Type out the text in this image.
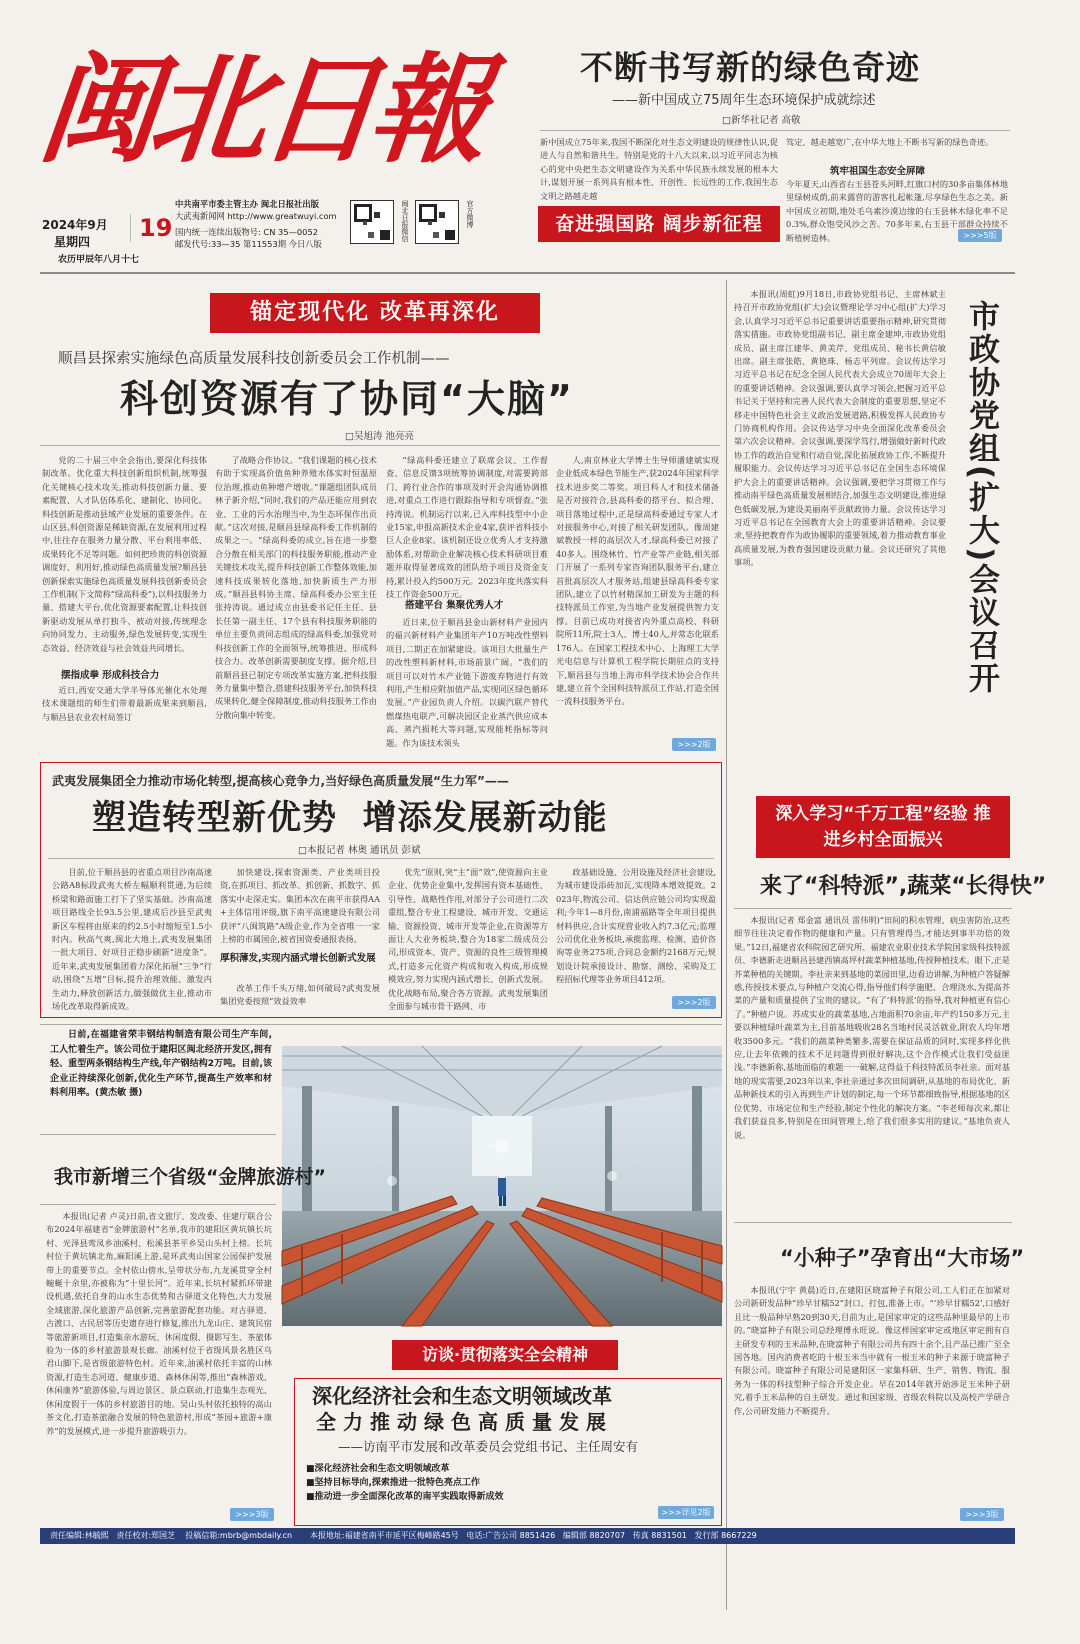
闽北日報
2024年9月
星期四	19
农历甲辰年八月十七
中共南平市委主管主办 闽北日报社出版
大武夷新闻网 http://www.greatwuyi.com
国内统一连续出版物号: CN 35—0052
邮发代号:33—35 第11553期 今日八版
闽北日报微信	官方微博
不断书写新的绿色奇迹
——新中国成立75周年生态环境保护成就综述
□新华社记者 高敬
新中国成立75年来,我国不断深化对生态文明建设的规律性认识,促进人与自然和谐共生。特别是党的十八大以来,以习近平同志为核心的党中央把生态文明建设作为关系中华民族永续发展的根本大计,谋划开展一系列具有根本性、开创性、长远性的工作,我国生态文明之路越走越
笃定、越走越宽广,在中华大地上不断书写新的绿色奇迹。
筑牢祖国生态安全屏障
今年夏天,山西省右玉县苍头河畔,红旗口村的30多亩集体林地里绿树成荫,前来露营的游客扎起帐篷,尽享绿色生态之美。新中国成立初期,地处毛乌素沙漠边缘的右玉县林木绿化率不足0.3%,群众饱受风沙之苦。70多年来,右玉县干部群众持续不断植树造林。
奋进强国路 阔步新征程
>>>5版
锚定现代化 改革再深化
顺昌县探索实施绿色高质量发展科技创新委员会工作机制——
科创资源有了协同“大脑”
□吴旭涛 池亮亮

党的二十届三中全会指出,要深化科技体制改革。优化重大科技创新组织机制,统筹强化关键核心技术攻关,推动科技创新力量、要素配置、人才队伍体系化、建制化、协同化。科技创新是推动县域产业发展的重要条件。在山区县,科创资源是稀缺资源,在发展利用过程中,往往存在服务力量分散、平台利用率低、成果转化不足等问题。如何把珍贵的科创资源调度好、利用好,推动绿色高质量发展?顺昌县创新探索实施绿色高质量发展科技创新委员会工作机制(下文简称“绿高科委”),以科技服务力量、搭建大平台,优化资源要素配置,让科技创新驱动发展从单打独斗、被动对接,传统理念向协同发力、主动服务,绿色发展转变,实现生态效益、经济效益与社会效益共同增长。

摆指成拳 形成科技合力

近日,西安交通大学半导体光催化水处理技术课题组的师生们带着最新成果来到顺昌,与顺昌县农业农村局签订

了战略合作协议。“我们课题的核心技术有助于实现高价值鱼种养殖水体实时恒温原位治理,推动鱼种增产增收。”课题组团队成员林子新介绍,“同时,我们的产品还能应用到农业、工业的污水治理当中,为生态环保作出贡献。”这次对接,是顺昌县绿高科委工作机制的成果之一。“绿高科委的成立,旨在进一步整合分散在相关部门的科技服务职能,推动产业关键技术攻关,提升科技创新工作整体效能,加速科技成果转化落地,加快新质生产力形成。”顺昌县科协主席、绿高科委办公室主任张持涛说。通过成立由县委书记任主任、县长任第一副主任、17个县有科技服务职能的单位主要负责同志组成的绿高科委,加强党对科技创新工作的全面领导,统筹推进、形成科技合力。改革创新需要制度支撑。据介绍,目前顺昌县已制定专项改革实施方案,把科技服务力量集中整合,搭建科技服务平台,加快科技成果转化,健全保障制度,推动科技服务工作由分散向集中转变。

“绿高科委还建立了联席会议、工作督查、信息反馈3项统筹协调制度,对需要跨部门、跨行业合作的事项及时开会沟通协调推进,对重点工作进行跟踪指导和专项督查。”张持涛说。机制运行以来,已入库科技型中小企业15家,申报高新技术企业4家,获评省科技小巨人企业8家。该机制还设立优秀人才支持激励体系,对帮助企业解决核心技术科研项目难题并取得显著成效的团队给予项目及资金支持,累计投入约500万元。2023年度共落实科技工作资金500万元。

搭建平台 集聚优秀人才

近日来,位于顺昌县金山新材料产业园内的福兴新材料产业集团年产10万吨改性塑料项目,二期正在加紧建设。该项目大批量生产的改性塑料新材料,市场前景广阔。“我们的项目可以对竹木产业链下游废弃物进行有效利用,产生相应附加值产品,实现同区绿色循环发展。”产业园负责人介绍。以碳汽联产替代燃煤热电联产,可解决园区企业蒸汽供应成本高、蒸汽损耗大等问题,实现能耗指标等问题。作为该技术领头

人,南京林业大学博士生导师潘建斌实现企业低成本绿色节能生产,获2024年国家科学技术进步奖二等奖。项目科人才和技术储备是否对接符合,县高科委的搭平台、拟合理、项目落地过程中,正是绿高科委通过专家人才对接服务中心,对接了相关研发团队。像周建斌教授一样的高层次人才,绿高科委已对接了40多人。围绕林竹、竹产业等产业链,相关部门开展了一系列专家咨询团队服务平台,建立首批高层次人才服务站,组建县绿高科委专家团队,建立了以竹材精深加工研发为主题的科技特派员工作室,为当地产业发展提供智力支撑。目前已成功对接省内外重点高校、科研院所11所,院士3人、博士40人,并常态化联系176人。在国家工程技术中心、上海理工大学光电信息与计算机工程学院长期驻点的支持下,顺昌县与当地上海市科学技术协会合作共建,建立首个全国科技特派员工作站,打造全国一流科技服务平台。

>>>2版

本报讯(周虹)9月18日,市政协党组书记、主席林斌主持召开市政协党组(扩大)会议暨理论学习中心组(扩大)学习会,认真学习习近平总书记重要讲话重要指示精神,研究贯彻落实措施。市政协党组副书记、副主席金建坤,市政协党组成员、副主席江建华、黄美芹、党组成员、秘书长黄信敏出席。副主席张皓、黄艳珠、杨志平列席。会议传达学习习近平总书记在纪念全国人民代表大会成立70周年大会上的重要讲话精神。会议强调,要认真学习领会,把握习近平总书记关于坚持和完善人民代表大会制度的重要思想,坚定不移走中国特色社会主义政治发展道路,积极发挥人民政协专门协商机构作用。会议传达学习中央全面深化改革委员会第六次会议精神。会议强调,要深学笃行,增强做好新时代政协工作的政治自觉和行动自觉,深化拓展政协工作,不断提升履职能力。会议传达学习习近平总书记在全国生态环境保护大会上的重要讲话精神。会议强调,要把学习贯彻工作与推动南平绿色高质量发展相结合,加强生态文明建设,推进绿色低碳发展,为建设美丽南平贡献政协力量。会议传达学习习近平总书记在全国教育大会上的重要讲话精神。会议要求,坚持把教育作为政协履职的重要领域,着力推动教育事业高质量发展,为教育强国建设贡献力量。会议还研究了其他事项。	市政协党组(扩大)会议召开
武夷发展集团全力推动市场化转型,提高核心竞争力,当好绿色高质量发展“生力军”——
塑造转型新优势  增添发展新动能
□本报记者 林奥 通讯员 彭斌

目前,位于顺昌县的省重点项目沙南高速公路A8标段武夷大桥左幅顺利贯通,为后续桥梁和路面施工打下了坚实基础。沙南高速项目路线全长93.5公里,建成后沙县至武夷新区车程将由原来的约2.5小时缩短至1.5小时内。秋高气爽,闽北大地上,武夷发展集团一批大项目、好项目正稳步刷新“进度条”。近年来,武夷发展集团着力深化拓展“三争”行动,围绕“五增”目标,提升治理效能、激发内生动力,释放创新活力,做强做优主业,推动市场化改革取得新成效。

加快建设,探索资源类、产业类项目投资,在抓项目、抓改革、抓创新、抓数字、抓落实中走深走实。集团本次在南平市获得AA+主体信用评级,旗下南平高速建设有限公司获评“八闽筑路”A级企业,作为全省唯一一家上榜的市属国企,被省国资委通报表扬。

厚积薄发,实现内涵式增长创新式发展

改革工作千头万绪,如何破局?武夷发展集团党委按照“效益效率

优先”原则,突“主”面“效”,使资源向主业企业、优势企业集中,发挥国有资本基础性、引导性、战略性作用,对部分子公司进行二次重组,整合专业工程建设、城市开发、交通运输、资源投资、城市开发等企业,在资源等方面让人大业务板块,整合为18家二级成员公司,形成资本、资产、资源的良性三级管理模式,打造多元化资产构成和收入构成,形成规模效应,努力实现内涵式增长、创新式发展。优化战略布局,聚合各方资源。武夷发展集团全面参与城市骨干路网、市

政基础设施、公用设施及经济社会建设,为城市建设添砖加瓦,实现降本增效提效。2023年,物流公司、信达供应链公司均实现盈利;今年1—8月份,南浦福路等全年项目提供材料供应,合计实现营业收入约7.3亿元;监理公司优化业务板块,承揽监理、检测、造价咨询等业务275项,合同总金额约2168万元;规划设计院承接设计、勘察、测绘、采购及工程招标代理等业务项目412项。

>>>2版
深入学习“千万工程”经验 推进乡村全面振兴
来了“科特派”,蔬菜“长得快”

本报讯(记者 郑金富 通讯员 雷伟明)“田间的积水管理、病虫害防治,这些细节往往决定着作物的健康和产量。只有管理得当,才能达到事半功倍的效果。”12日,福建省农科院园艺研究所、福建农业职业技术学院国家级科技特派员、李德新走进顺昌县建西镇高坪村蔬菜种植基地,传授种植技术。眼下,正是芥菜种植的关键期。李社亲来到基地的菜园田里,边看边讲解,为种植户答疑解惑,传授技术要点,与种植户交流心得,指导他们科学施肥、合理浇水,为提高芥菜的产量和质量提供了宝贵的建议。“有了‘科特派’的指导,我对种植更有信心了。”种植户说。苏成实业的蔬菜基地,占地面积70余亩,年产约150多万元,主要以种植绿叶蔬菜为主,目前基地吸收28名当地村民灵活就业,附农人均年增收3500多元。“我们的蔬菜种类繁多,需要在保证品质的同时,实现多样化供应,让去年依赖的技术不足问题得到很好解决,这个合作模式让我们受益匪浅。”李德新称,基地面临的难题一一破解,这得益于科技特派员李社亲。面对基地的现实需要,2023年以来,李社亲通过多次田间调研,从基地的布局优化、新品种新技术的引入再到生产计划的制定,每一个环节都细致指导,根据基地的区位优势、市场定位和生产经验,制定个性化的解决方案。“李老师每次来,都让我们获益良多,特别是在田间管理上,给了我们很多实用的建议。”基地负责人说。

日前,在福建省荣丰钢结构制造有限公司生产车间,工人忙着生产。该公司位于建阳区闽北经济开发区,拥有轻、重型两条钢结构生产线,年产钢结构2万吨。目前,该企业正持续深化创新,优化生产环节,提高生产效率和材料利用率。(黄杰敏 摄)
我市新增三个省级“金牌旅游村”

本报讯(记者 卢灵)日前,省文旅厅、发改委、住建厅联合公布2024年福建省“金牌旅游村”名单,我市的建阳区黄坑镇长坑村、光泽县鸾凤乡油溪村、松溪县茶平乡吴山头村上榜。长坑村位于黄坑镇北角,麻阳溪上游,是环武夷山国家公园保护发展带上的重要节点。全村依山傍水,呈带状分布,九龙溪贯穿全村蜿蜒十余里,亦被称为“十里长河”。近年来,长坑村紧抓环带建设机遇,依托自身的山水生态优势和古驿道文化特色,大力发展全域旅游,深化旅游产品创新,完善旅游配套功能。对古驿道、古渡口、古民居等历史遗存进行修复,推出九龙山庄、建筑民宿等旅游新项目,打造集亲水游玩、休闲度假、摄影写生、茶旅体验为一体的乡村旅游景观长廊。油溪村位于省级风景名胜区乌君山脚下,是省级旅游特色村。近年来,油溪村依托丰富的山林资源,打造生态河道、健康步道、森林休闲等,推出“森林游戏、休闲康养”旅游体验,与周边景区、景点联动,打造集生态观光、休闲度假于一体的乡村旅游目的地。吴山头村依托独特的高山茶文化,打造茶旅融合发展的特色旅游村,形成“茶园+旅游+康养”的发展模式,进一步提升旅游吸引力。

>>>3版
访谈·贯彻落实全会精神
深化经济社会和生态文明领域改革
全力推动绿色高质量发展
——访南平市发展和改革委员会党组书记、主任周安有
■深化经济社会和生态文明领域改革
■坚持目标导向,探索推进一批特色亮点工作
■推动进一步全面深化改革的南平实践取得新成效
>>>详见2版
“小种子”孕育出“大市场”

本报讯(宁宇 黄晨)近日,在建阳区晓富种子有限公司,工人们正在加紧对公司新研发品种“珍早甘糯52”封口、打包,准备上市。“‘珍早甘糯52’,口感好且比一般品种早熟20到30天,目前为止,是国家审定的这些品种里最早的上市的。”晓富种子有限公司总经理傅永旺说。像这样国家审定或地区审定拥有自主研发专利的玉米品种,在晓富种子有限公司共有四十余个,且产品已推广至全国各地。国内消费者吃的十根玉米当中就有一根玉米的种子来源于晓富种子有限公司。晓富种子有限公司是建阳区一家集科研、生产、销售、物流、服务为一体的科技型种子综合开发企业。早在2014年就开始涉足玉米种子研究,着手玉米品种的自主研发。通过和国家级、省级农科院以及高校产学研合作,公司研发能力不断提升。

>>>3版
责任编辑:林毓熙 责任校对:郑国芝 投稿信箱:mbrb@mbdaily.cn 本报地址:福建省南平市延平区梅峰路45号 电话:广告公司 8851426 编辑部 8820707 传真 8831501 发行部 8667229
